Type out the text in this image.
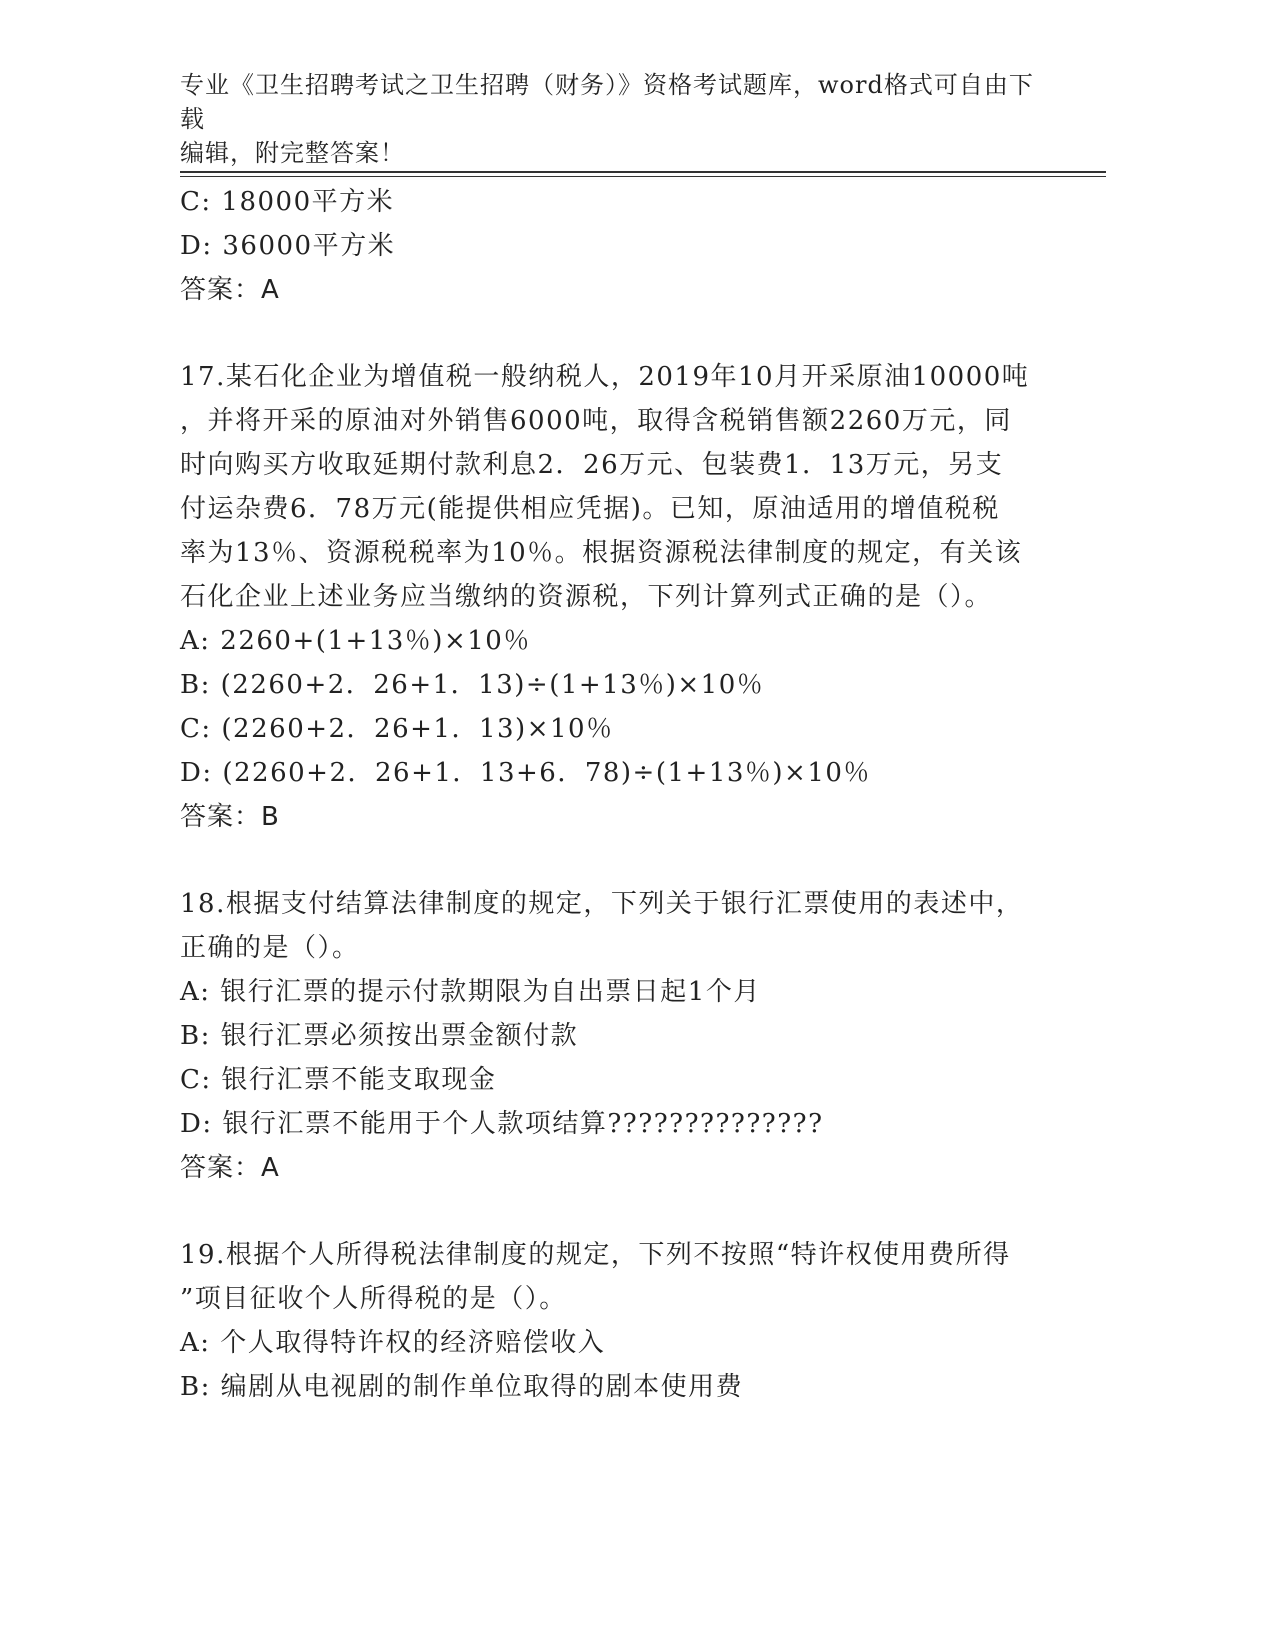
专业《卫生招聘考试之卫生招聘（财务）》资格考试题库，word格式可自由下载
编辑，附完整答案！
C: 18000平方米
D: 36000平方米
答案：A
17.某石化企业为增值税一般纳税人，2019年10月开采原油10000吨
，并将开采的原油对外销售6000吨，取得含税销售额2260万元，同
时向购买方收取延期付款利息2．26万元、包装费1．13万元，另支
付运杂费6．78万元(能提供相应凭据)。已知，原油适用的增值税税
率为13％、资源税税率为10％。根据资源税法律制度的规定，有关该
石化企业上述业务应当缴纳的资源税，下列计算列式正确的是（）。
A: 2260+(1+13％)×10％
B: (2260+2．26+1．13)÷(1+13％)×10％
C: (2260+2．26+1．13)×10％
D: (2260+2．26+1．13+6．78)÷(1+13％)×10％
答案：B
18.根据支付结算法律制度的规定，下列关于银行汇票使用的表述中，
正确的是（）。
A: 银行汇票的提示付款期限为自出票日起1个月
B: 银行汇票必须按出票金额付款
C: 银行汇票不能支取现金
D: 银行汇票不能用于个人款项结算??????????????
答案：A
19.根据个人所得税法律制度的规定，下列不按照“特许权使用费所得
”项目征收个人所得税的是（）。
A: 个人取得特许权的经济赔偿收入
B: 编剧从电视剧的制作单位取得的剧本使用费
